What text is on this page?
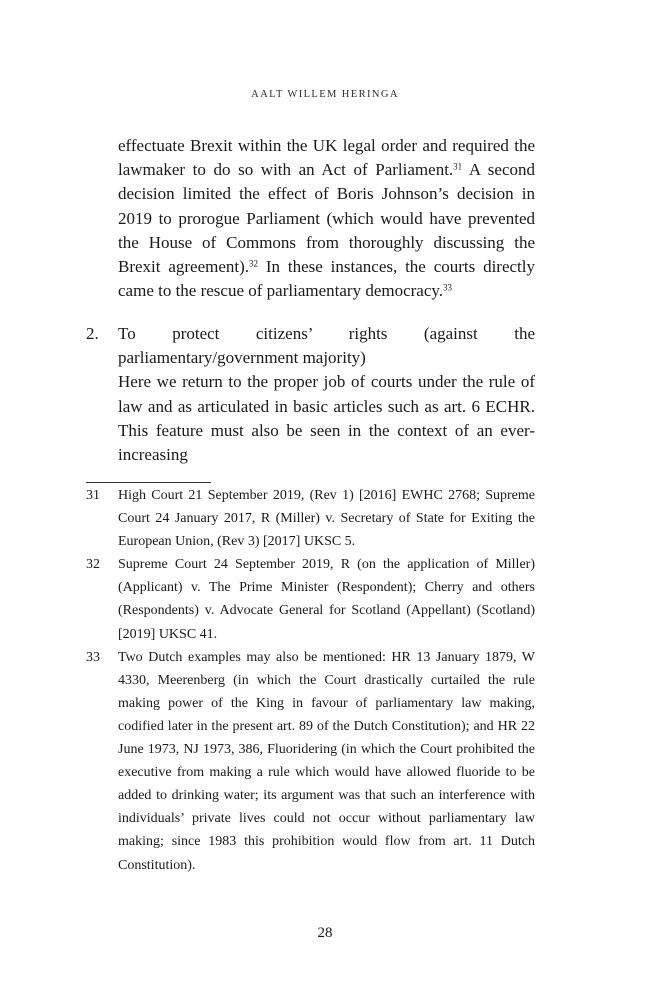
AALT WILLEM HERINGA
effectuate Brexit within the UK legal order and required the lawmaker to do so with an Act of Parliament.$^{31}$ A second decision limited the effect of Boris Johnson’s decision in 2019 to prorogue Parliament (which would have prevented the House of Commons from thoroughly discussing the Brexit agreement).$^{32}$ In these instances, the courts directly came to the rescue of parliamentary democracy.$^{33}$
2. To protect citizens’ rights (against the parliamentary/government majority)
Here we return to the proper job of courts under the rule of law and as articulated in basic articles such as art. 6 ECHR. This feature must also be seen in the context of an ever-increasing
31 High Court 21 September 2019, (Rev 1) [2016] EWHC 2768; Supreme Court 24 January 2017, R (Miller) v. Secretary of State for Exiting the European Union, (Rev 3) [2017] UKSC 5.
32 Supreme Court 24 September 2019, R (on the application of Miller) (Applicant) v. The Prime Minister (Respondent); Cherry and others (Respondents) v. Advocate General for Scotland (Appellant) (Scotland) [2019] UKSC 41.
33 Two Dutch examples may also be mentioned: HR 13 January 1879, W 4330, Meerenberg (in which the Court drastically curtailed the rule making power of the King in favour of parliamentary law making, codified later in the present art. 89 of the Dutch Constitution); and HR 22 June 1973, NJ 1973, 386, Fluoridering (in which the Court prohibited the executive from making a rule which would have allowed fluoride to be added to drinking water; its argument was that such an interference with individuals’ private lives could not occur without parliamentary law making; since 1983 this prohibition would flow from art. 11 Dutch Constitution).
28
